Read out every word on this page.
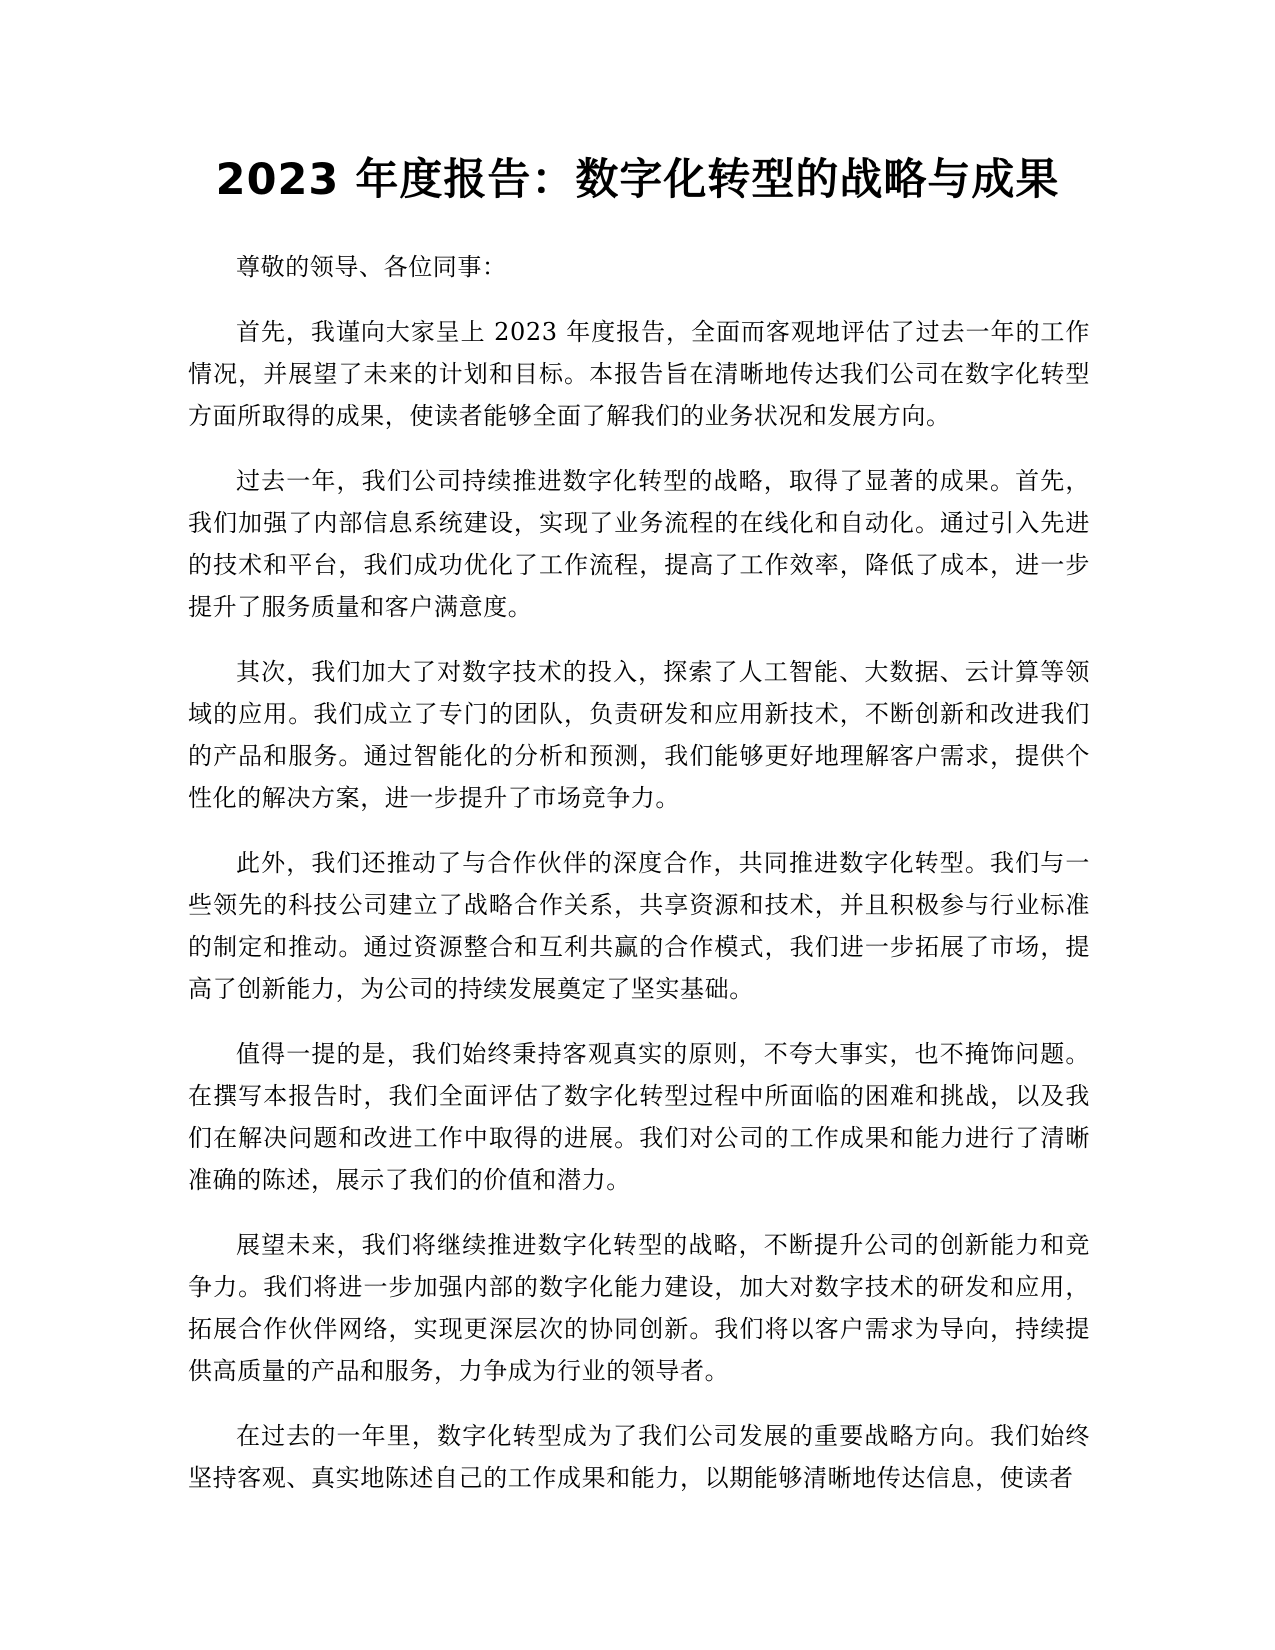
2023 年度报告：数字化转型的战略与成果

尊敬的领导、各位同事：

首先，我谨向大家呈上 2023 年度报告，全面而客观地评估了过去一年的工作情况，并展望了未来的计划和目标。本报告旨在清晰地传达我们公司在数字化转型方面所取得的成果，使读者能够全面了解我们的业务状况和发展方向。

过去一年，我们公司持续推进数字化转型的战略，取得了显著的成果。首先，我们加强了内部信息系统建设，实现了业务流程的在线化和自动化。通过引入先进的技术和平台，我们成功优化了工作流程，提高了工作效率，降低了成本，进一步提升了服务质量和客户满意度。

其次，我们加大了对数字技术的投入，探索了人工智能、大数据、云计算等领域的应用。我们成立了专门的团队，负责研发和应用新技术，不断创新和改进我们的产品和服务。通过智能化的分析和预测，我们能够更好地理解客户需求，提供个性化的解决方案，进一步提升了市场竞争力。

此外，我们还推动了与合作伙伴的深度合作，共同推进数字化转型。我们与一些领先的科技公司建立了战略合作关系，共享资源和技术，并且积极参与行业标准的制定和推动。通过资源整合和互利共赢的合作模式，我们进一步拓展了市场，提高了创新能力，为公司的持续发展奠定了坚实基础。

值得一提的是，我们始终秉持客观真实的原则，不夸大事实，也不掩饰问题。在撰写本报告时，我们全面评估了数字化转型过程中所面临的困难和挑战，以及我们在解决问题和改进工作中取得的进展。我们对公司的工作成果和能力进行了清晰准确的陈述，展示了我们的价值和潜力。

展望未来，我们将继续推进数字化转型的战略，不断提升公司的创新能力和竞争力。我们将进一步加强内部的数字化能力建设，加大对数字技术的研发和应用，拓展合作伙伴网络，实现更深层次的协同创新。我们将以客户需求为导向，持续提供高质量的产品和服务，力争成为行业的领导者。

在过去的一年里，数字化转型成为了我们公司发展的重要战略方向。我们始终坚持客观、真实地陈述自己的工作成果和能力，以期能够清晰地传达信息，使读者
